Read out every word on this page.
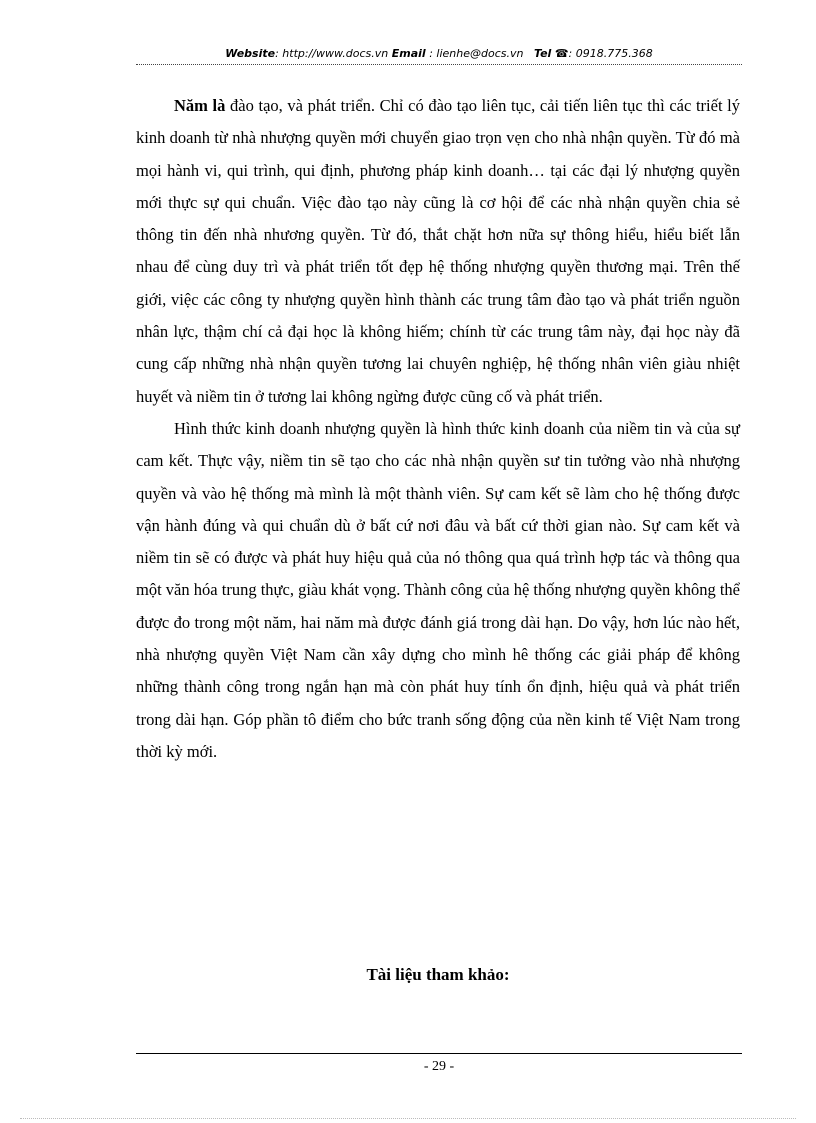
Website: http://www.docs.vn Email : lienhe@docs.vn Tel ☎: 0918.775.368

Năm là đào tạo, và phát triển. Chỉ có đào tạo liên tục, cải tiến liên tục thì các triết lý kinh doanh từ nhà nhượng quyền mới chuyển giao trọn vẹn cho nhà nhận quyền. Từ đó mà mọi hành vi, qui trình, qui định, phương pháp kinh doanh… tại các đại lý nhượng quyền mới thực sự qui chuẩn. Việc đào tạo này cũng là cơ hội để các nhà nhận quyền chia sẻ thông tin đến nhà nhương quyền. Từ đó, thắt chặt hơn nữa sự thông hiểu, hiểu biết lẫn nhau để cùng duy trì và phát triển tốt đẹp hệ thống nhượng quyền thương mại. Trên thế giới, việc các công ty nhượng quyền hình thành các trung tâm đào tạo và phát triển nguồn nhân lực, thậm chí cả đại học là không hiếm; chính từ các trung tâm này, đại học này đã cung cấp những nhà nhận quyền tương lai chuyên nghiệp, hệ thống nhân viên giàu nhiệt huyết và niềm tin ở tương lai không ngừng được cũng cố và phát triển.

Hình thức kinh doanh nhượng quyền là hình thức kinh doanh của niềm tin và của sự cam kết. Thực vậy, niềm tin sẽ tạo cho các nhà nhận quyền sư tin tưởng vào nhà nhượng quyền và vào hệ thống mà mình là một thành viên. Sự cam kết sẽ làm cho hệ thống được vận hành đúng và qui chuẩn dù ở bất cứ nơi đâu và bất cứ thời gian nào. Sự cam kết và niềm tin sẽ có được và phát huy hiệu quả của nó thông qua quá trình hợp tác và thông qua một văn hóa trung thực, giàu khát vọng. Thành công của hệ thống nhượng quyền không thể được đo trong một năm, hai năm mà được đánh giá trong dài hạn. Do vậy, hơn lúc nào hết, nhà nhượng quyền Việt Nam cần xây dựng cho mình hê thống các giải pháp để không những thành công trong ngắn hạn mà còn phát huy tính ổn định, hiệu quả và phát triển trong dài hạn. Góp phần tô điểm cho bức tranh sống động của nền kinh tế Việt Nam trong thời kỳ mới.

Tài liệu tham khảo:
- 29 -
